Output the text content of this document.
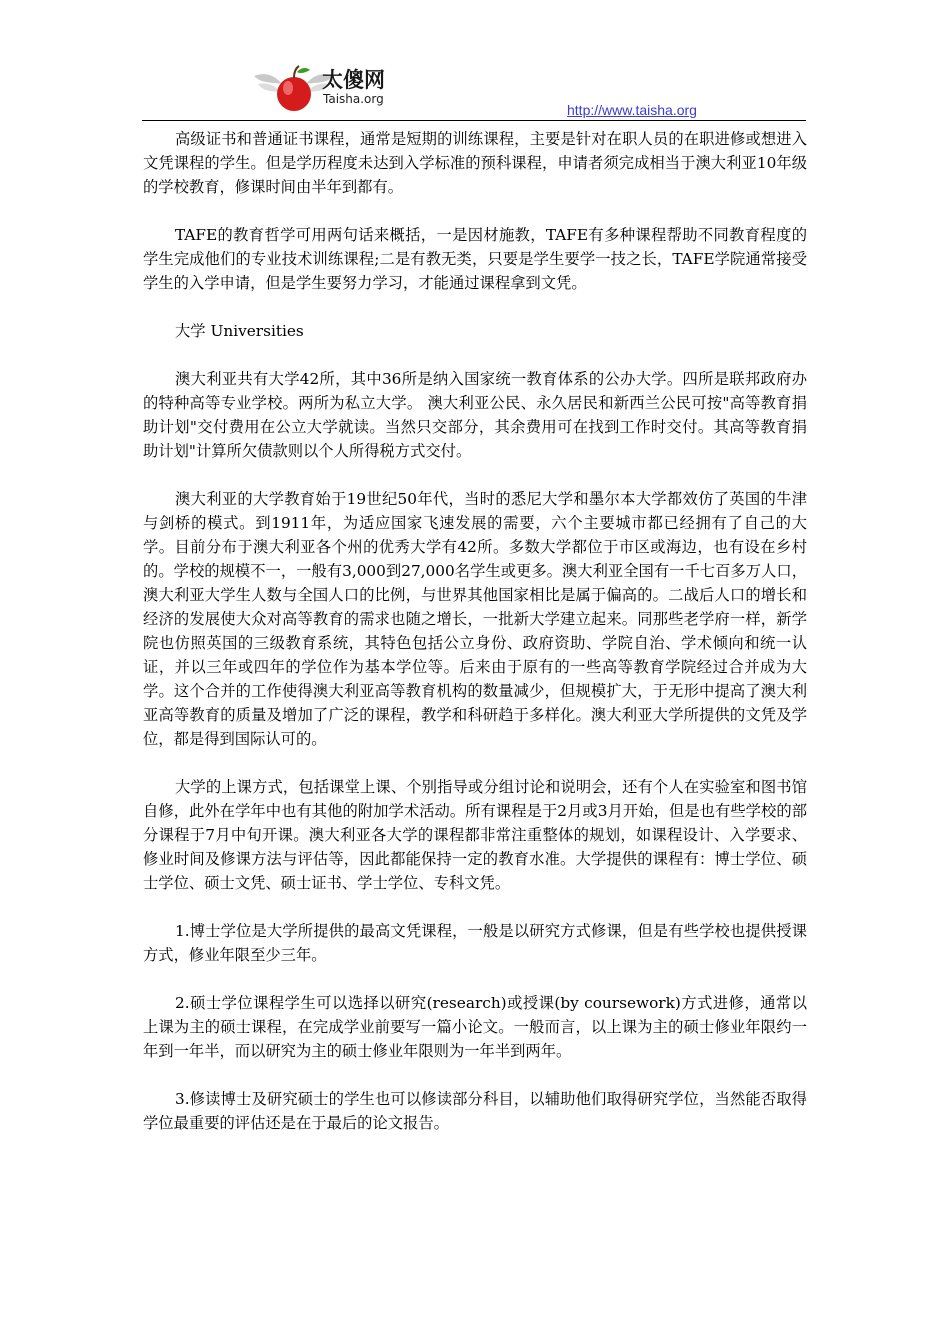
太傻网
Taisha.org
http://www.taisha.org

高级证书和普通证书课程，通常是短期的训练课程，主要是针对在职人员的在职进修或想进入文凭课程的学生。但是学历程度未达到入学标准的预科课程，申请者须完成相当于澳大利亚10年级的学校教育，修课时间由半年到都有。

TAFE的教育哲学可用两句话来概括，一是因材施教，TAFE有多种课程帮助不同教育程度的学生完成他们的专业技术训练课程;二是有教无类，只要是学生要学一技之长，TAFE学院通常接受学生的入学申请，但是学生要努力学习，才能通过课程拿到文凭。

大学 Universities

澳大利亚共有大学42所，其中36所是纳入国家统一教育体系的公办大学。四所是联邦政府办的特种高等专业学校。两所为私立大学。 澳大利亚公民、永久居民和新西兰公民可按"高等教育捐助计划"交付费用在公立大学就读。当然只交部分，其余费用可在找到工作时交付。其高等教育捐助计划"计算所欠债款则以个人所得税方式交付。

澳大利亚的大学教育始于19世纪50年代，当时的悉尼大学和墨尔本大学都效仿了英国的牛津与剑桥的模式。到1911年，为适应国家飞速发展的需要，六个主要城市都已经拥有了自己的大学。目前分布于澳大利亚各个州的优秀大学有42所。多数大学都位于市区或海边，也有设在乡村的。学校的规模不一，一般有3,000到27,000名学生或更多。澳大利亚全国有一千七百多万人口，澳大利亚大学生人数与全国人口的比例，与世界其他国家相比是属于偏高的。二战后人口的增长和经济的发展使大众对高等教育的需求也随之增长，一批新大学建立起来。同那些老学府一样，新学院也仿照英国的三级教育系统，其特色包括公立身份、政府资助、学院自治、学术倾向和统一认证，并以三年或四年的学位作为基本学位等。后来由于原有的一些高等教育学院经过合并成为大学。这个合并的工作使得澳大利亚高等教育机构的数量减少，但规模扩大，于无形中提高了澳大利亚高等教育的质量及增加了广泛的课程，教学和科研趋于多样化。澳大利亚大学所提供的文凭及学位，都是得到国际认可的。

大学的上课方式，包括课堂上课、个别指导或分组讨论和说明会，还有个人在实验室和图书馆自修，此外在学年中也有其他的附加学术活动。所有课程是于2月或3月开始，但是也有些学校的部分课程于7月中旬开课。澳大利亚各大学的课程都非常注重整体的规划，如课程设计、入学要求、修业时间及修课方法与评估等，因此都能保持一定的教育水准。大学提供的课程有：博士学位、硕士学位、硕士文凭、硕士证书、学士学位、专科文凭。

1.博士学位是大学所提供的最高文凭课程，一般是以研究方式修课，但是有些学校也提供授课方式，修业年限至少三年。

2.硕士学位课程学生可以选择以研究(research)或授课(by coursework)方式进修，通常以上课为主的硕士课程，在完成学业前要写一篇小论文。一般而言，以上课为主的硕士修业年限约一年到一年半，而以研究为主的硕士修业年限则为一年半到两年。

3.修读博士及研究硕士的学生也可以修读部分科目，以辅助他们取得研究学位，当然能否取得学位最重要的评估还是在于最后的论文报告。
